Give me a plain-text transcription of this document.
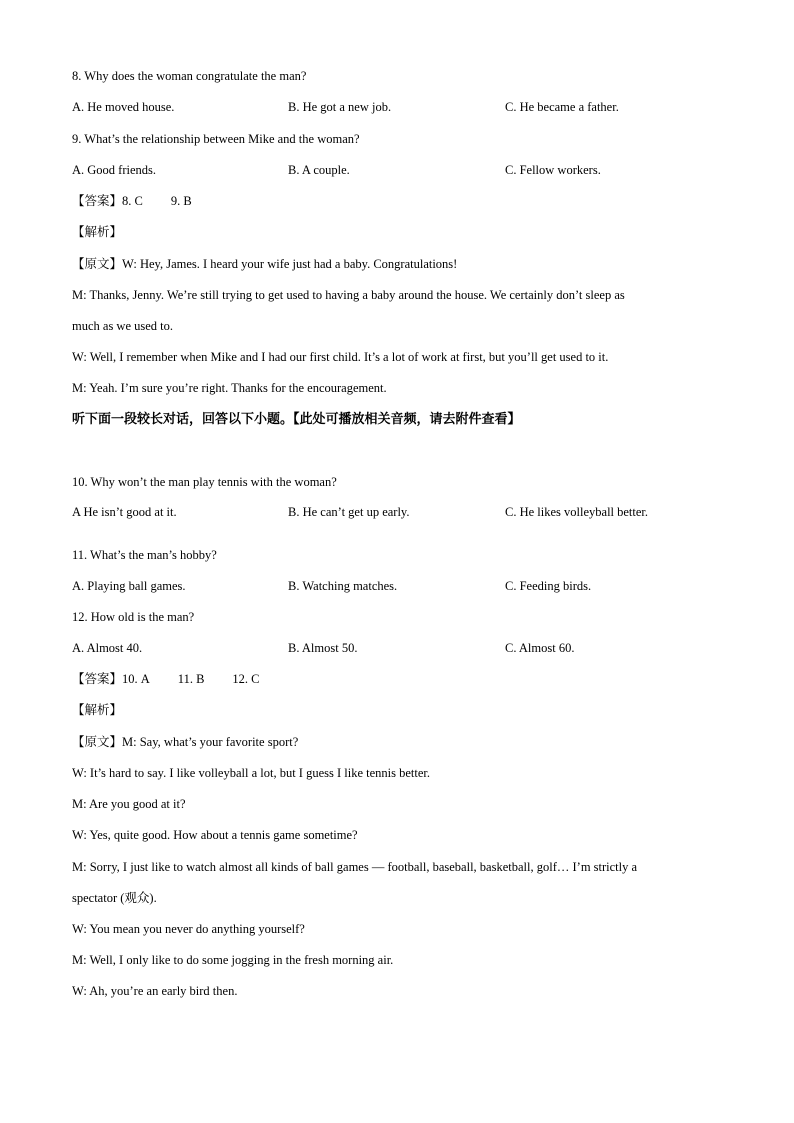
8. Why does the woman congratulate the man?
A. He moved house.	B. He got a new job.	C. He became a father.
9. What’s the relationship between Mike and the woman?
A. Good friends.	B. A couple.	C. Fellow workers.
【答案】8. C 9. B
【解析】
【原文】W: Hey, James. I heard your wife just had a baby. Congratulations!
M: Thanks, Jenny. We’re still trying to get used to having a baby around the house. We certainly don’t sleep as
much as we used to.
W: Well, I remember when Mike and I had our first child. It’s a lot of work at first, but you’ll get used to it.
M: Yeah. I’m sure you’re right. Thanks for the encouragement.
听下面一段较长对话，回答以下小题。【此处可播放相关音频，请去附件查看】
10. Why won’t the man play tennis with the woman?
A He isn’t good at it.	B. He can’t get up early.	C. He likes volleyball better.
11. What’s the man’s hobby?
A. Playing ball games.	B. Watching matches.	C. Feeding birds.
12. How old is the man?
A. Almost 40.	B. Almost 50.	C. Almost 60.
【答案】10. A 11. B 12. C
【解析】
【原文】M: Say, what’s your favorite sport?
W: It’s hard to say. I like volleyball a lot, but I guess I like tennis better.
M: Are you good at it?
W: Yes, quite good. How about a tennis game sometime?
M: Sorry, I just like to watch almost all kinds of ball games — football, baseball, basketball, golf… I’m strictly a
spectator (观众).
W: You mean you never do anything yourself?
M: Well, I only like to do some jogging in the fresh morning air.
W: Ah, you’re an early bird then.
